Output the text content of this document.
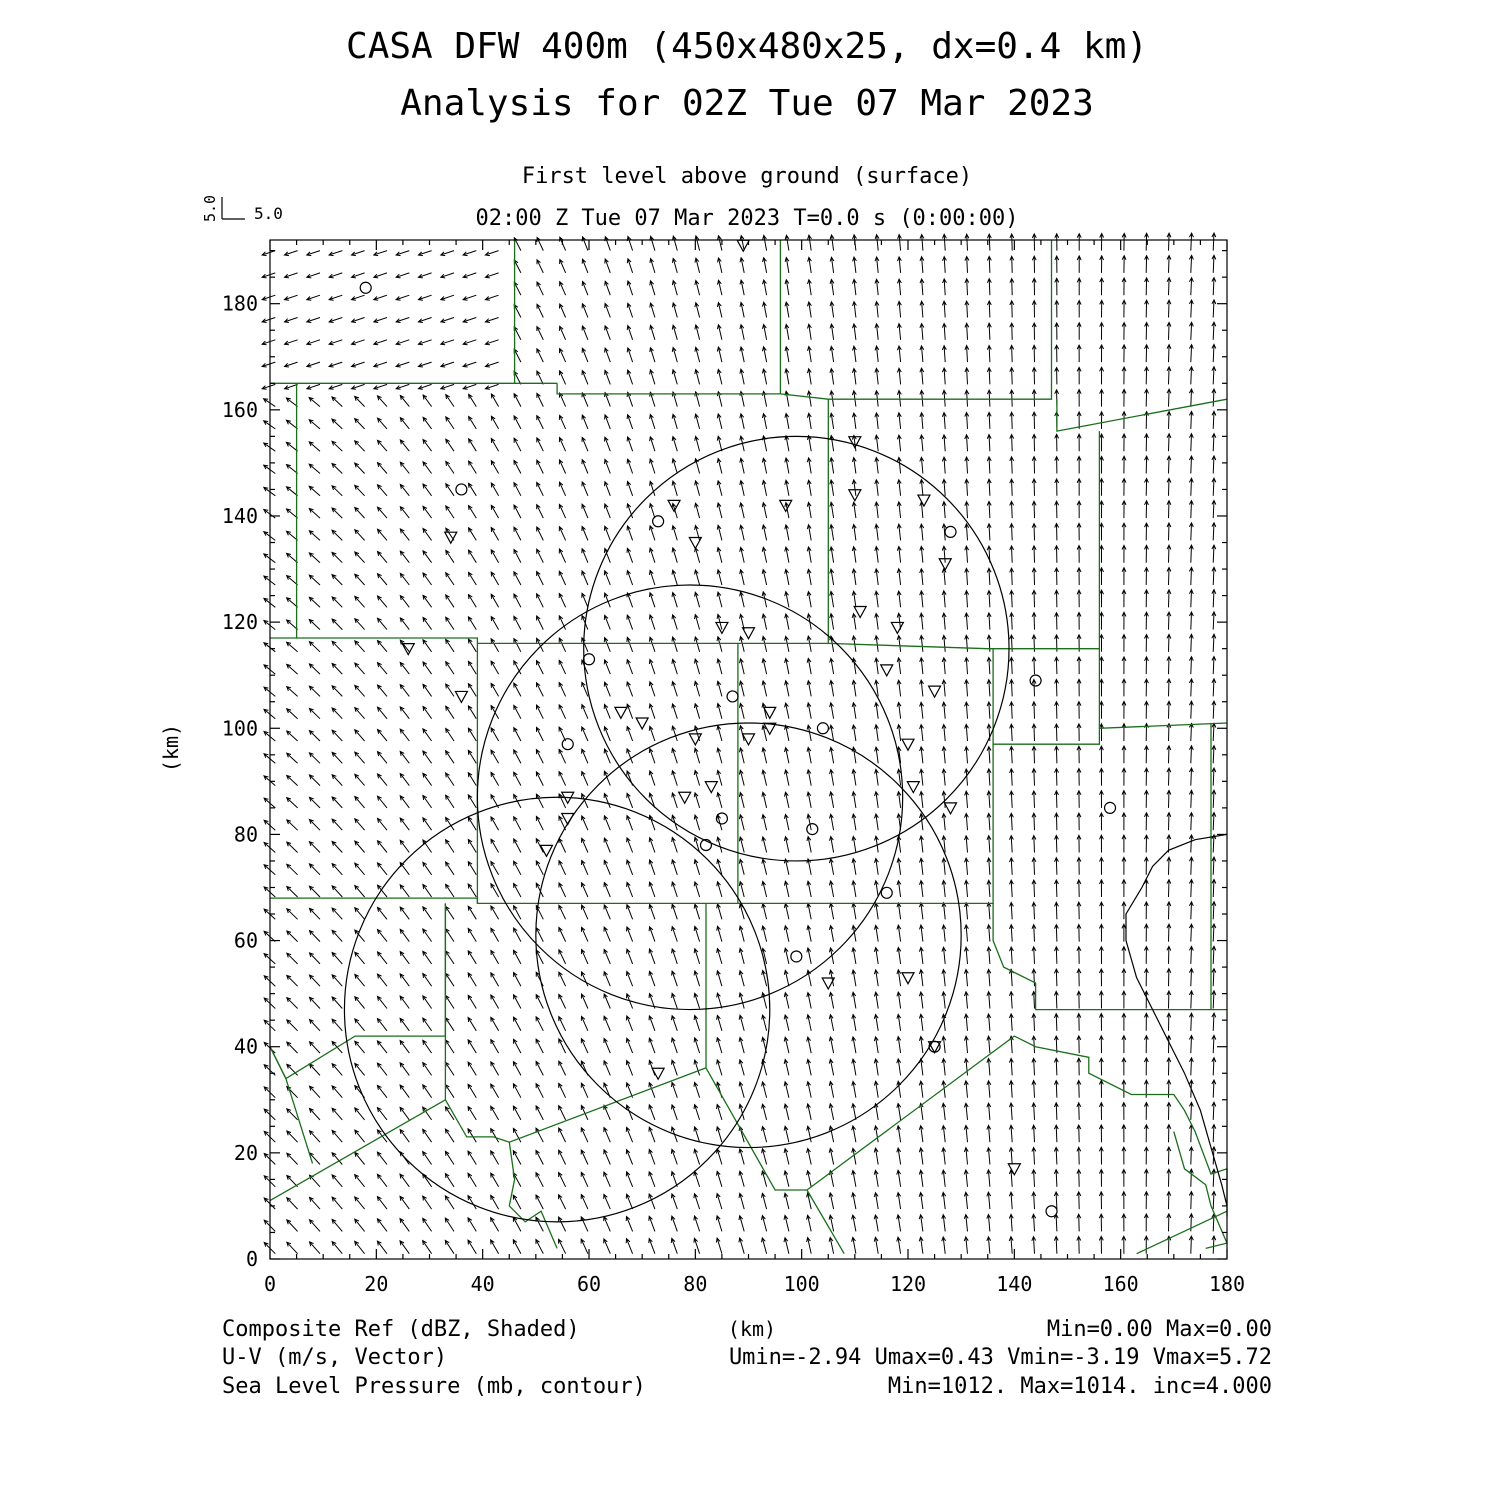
CASA DFW 400m (450x480x25, dx=0.4 km)
Analysis for 02Z Tue 07 Mar 2023
First level above ground (surface)
02:00 Z Tue 07 Mar 2023 T=0.0 s (0:00:00)
5.0 5.0
0	20	40	60	80	100	120	140	160	180
0
20
40
60
80
100
120
140
160
180
(km)
(km)
Composite Ref (dBZ, Shaded)
U-V (m/s, Vector)
Sea Level Pressure (mb, contour)
Min=0.00 Max=0.00
Umin=-2.94 Umax=0.43 Vmin=-3.19 Vmax=5.72
Min=1012. Max=1014. inc=4.000
